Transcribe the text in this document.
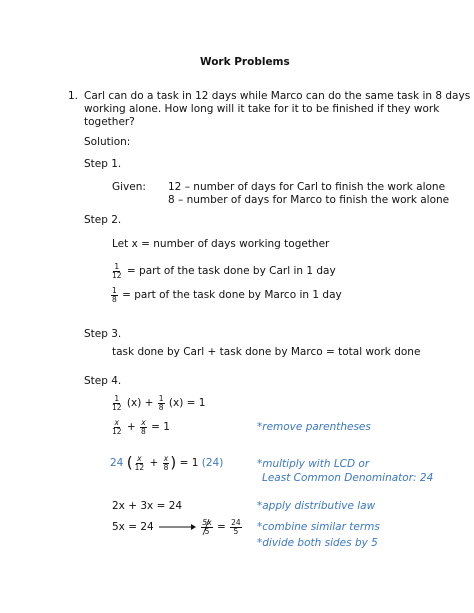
Work Problems
1. Carl can do a task in 12 days while Marco can do the same task in 8 days
working alone. How long will it take for it to be finished if they work
together?
Solution:
Step 1.
Given: 12 – number of days for Carl to finish the work alone
8 – number of days for Marco to finish the work alone
Step 2.
Let x = number of days working together
$\frac{1}{12}$ = part of the task done by Carl in 1 day
$\frac{1}{8}$ = part of the task done by Marco in 1 day
Step 3.
task done by Carl + task done by Marco = total work done
Step 4.
$\frac{1}{12} (x) + \frac{1}{8} (x) = 1$
$\frac{x}{12} + \frac{x}{8} = 1$	*remove parentheses
24 ( $\frac{x}{12} + \frac{x}{8}$ ) = 1 (24)	*multiply with LCD or
Least Common Denominator: 24
2x + 3x = 24	*apply distributive law
5x = 24	$\frac{5x}{5} = \frac{24}{5}$ *combine similar terms
*divide both sides by 5
